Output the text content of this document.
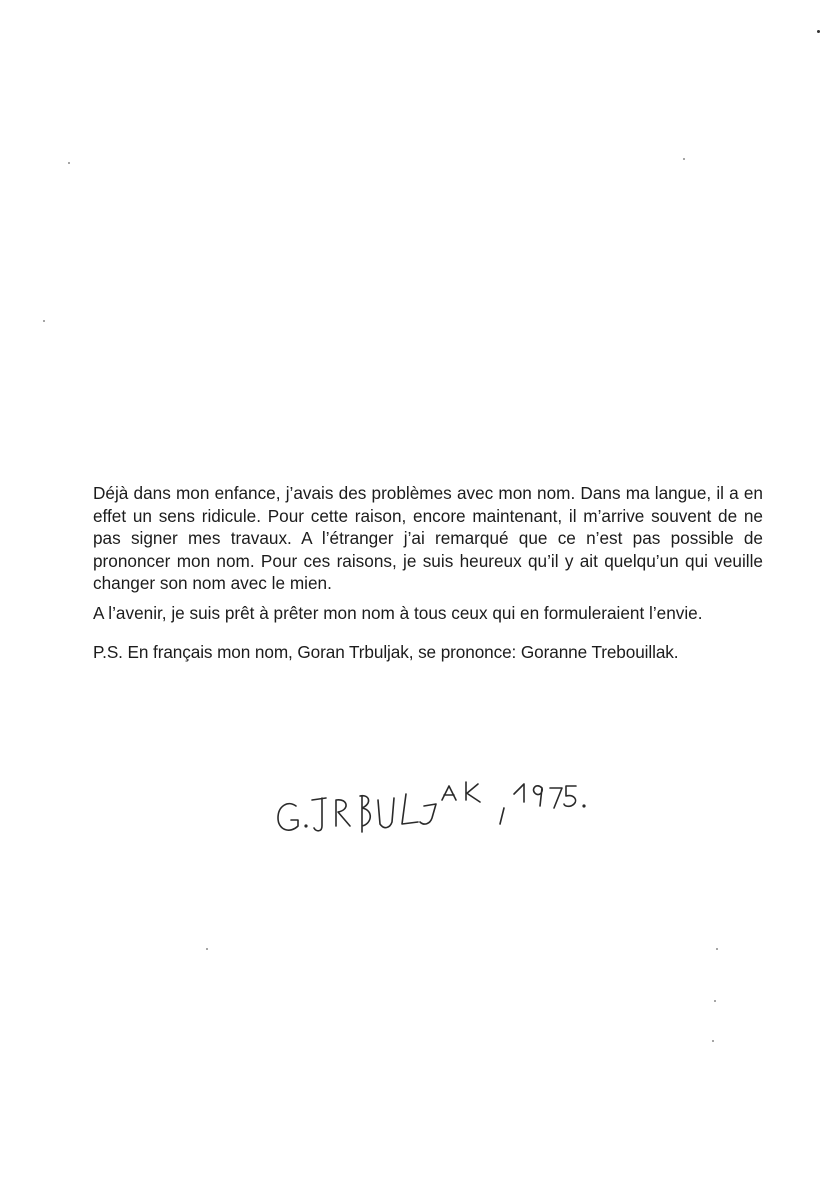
Déjà dans mon enfance, j’avais des problèmes avec mon nom. Dans ma langue, il a en effet un sens ridicule. Pour cette raison, encore maintenant, il m’arrive souvent de ne pas signer mes travaux. A l’étranger j’ai remarqué que ce n’est pas possible de prononcer mon nom. Pour ces raisons, je suis heureux qu’il y ait quelqu’un qui veuille changer son nom avec le mien.

A l’avenir, je suis prêt à prêter mon nom à tous ceux qui en formuleraient l’envie.

P.S. En français mon nom, Goran Trbuljak, se prononce: Goranne Trebouillak.
